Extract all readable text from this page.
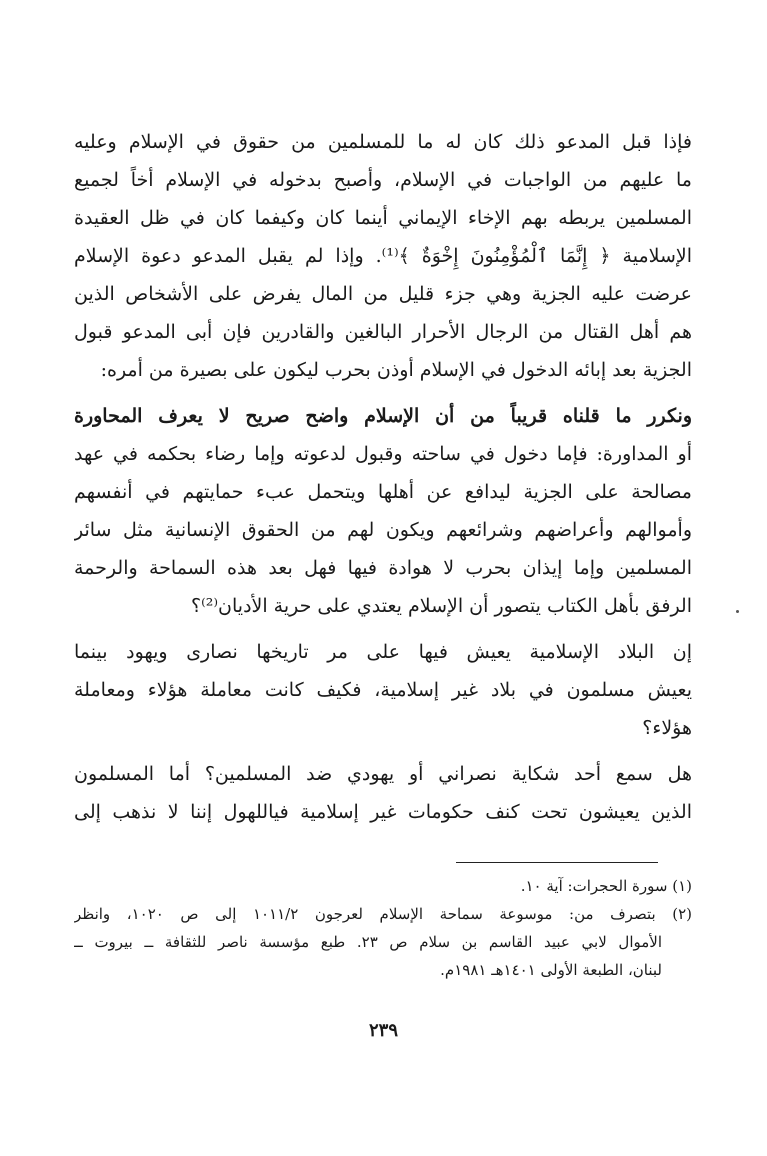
فإذا قبل المدعو ذلك كان له ما للمسلمين من حقوق في الإسلام وعليه
ما عليهم من الواجبات في الإسلام، وأصبح بدخوله في الإسلام أخاً لجميع
المسلمين يربطه بهم الإخاء الإيماني أينما كان وكيفما كان في ظل العقيدة
الإسلامية ﴿ إِنَّمَا ٱلْمُؤْمِنُونَ إِخْوَةٌ ﴾⁽¹⁾. وإذا لم يقبل المدعو دعوة الإسلام
عرضت عليه الجزية وهي جزء قليل من المال يفرض على الأشخاص الذين
هم أهل القتال من الرجال الأحرار البالغين والقادرين فإن أبى المدعو قبول
الجزية بعد إبائه الدخول في الإسلام أوذن بحرب ليكون على بصيرة من أمره:
ونكرر ما قلناه قريباً من أن الإسلام واضح صريح لا يعرف المحاورة
أو المداورة: فإما دخول في ساحته وقبول لدعوته وإما رضاء بحكمه في عهد
مصالحة على الجزية ليدافع عن أهلها ويتحمل عبء حمايتهم في أنفسهم
وأموالهم وأعراضهم وشرائعهم ويكون لهم من الحقوق الإنسانية مثل سائر
المسلمين وإما إيذان بحرب لا هوادة فيها فهل بعد هذه السماحة والرحمة
الرفق بأهل الكتاب يتصور أن الإسلام يعتدي على حرية الأديان⁽²⁾؟
إن البلاد الإسلامية يعيش فيها على مر تاريخها نصارى ويهود بينما
يعيش مسلمون في بلاد غير إسلامية، فكيف كانت معاملة هؤلاء ومعاملة
هؤلاء؟
هل سمع أحد شكاية نصراني أو يهودي ضد المسلمين؟ أما المسلمون
الذين يعيشون تحت كنف حكومات غير إسلامية فياللهول إننا لا نذهب إلى
(١) سورة الحجرات: آية ١٠.
(٢) بتصرف من: موسوعة سماحة الإسلام لعرجون ١٠١١/٢ إلى ص ١٠٢٠، وانظر
الأموال لابي عبيد القاسم بن سلام ص ٢٣. طبع مؤسسة ناصر للثقافة ــ بيروت ــ
لبنان، الطبعة الأولى ١٤٠١هـ ١٩٨١م.
٢٣٩
